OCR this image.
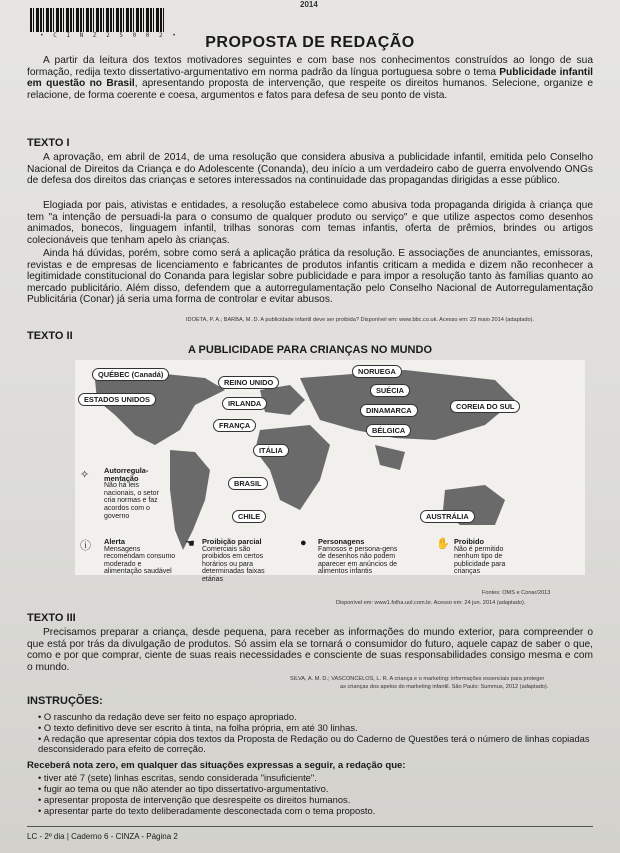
• C I N Z 2 5 0 0 2 •
2014
PROPOSTA DE REDAÇÃO
A partir da leitura dos textos motivadores seguintes e com base nos conhecimentos construídos ao longo de sua formação, redija texto dissertativo-argumentativo em norma padrão da língua portuguesa sobre o tema Publicidade infantil em questão no Brasil, apresentando proposta de intervenção, que respeite os direitos humanos. Selecione, organize e relacione, de forma coerente e coesa, argumentos e fatos para defesa de seu ponto de vista.
TEXTO I
A aprovação, em abril de 2014, de uma resolução que considera abusiva a publicidade infantil, emitida pelo Conselho Nacional de Direitos da Criança e do Adolescente (Conanda), deu início a um verdadeiro cabo de guerra envolvendo ONGs de defesa dos direitos das crianças e setores interessados na continuidade das propagandas dirigidas a esse público.
Elogiada por pais, ativistas e entidades, a resolução estabelece como abusiva toda propaganda dirigida à criança que tem "a intenção de persuadi-la para o consumo de qualquer produto ou serviço" e que utilize aspectos como desenhos animados, bonecos, linguagem infantil, trilhas sonoras com temas infantis, oferta de prêmios, brindes ou artigos colecionáveis que tenham apelo às crianças.
Ainda há dúvidas, porém, sobre como será a aplicação prática da resolução. E associações de anunciantes, emissoras, revistas e de empresas de licenciamento e fabricantes de produtos infantis criticam a medida e dizem não reconhecer a legitimidade constitucional do Conanda para legislar sobre publicidade e para impor a resolução tanto às famílias quanto ao mercado publicitário. Além disso, defendem que a autorregulamentação pelo Conselho Nacional de Autorregulamentação Publicitária (Conar) já seria uma forma de controlar e evitar abusos.
IDOETA, P. A.; BARBA, M. D. A publicidade infantil deve ser proibida? Disponível em: www.bbc.co.uk. Acesso em: 23 maio 2014 (adaptado).
TEXTO II
A PUBLICIDADE PARA CRIANÇAS NO MUNDO
QUÉBEC (Canadá)
ESTADOS UNIDOS
REINO UNIDO
IRLANDA
FRANÇA
ITÁLIA
NORUEGA
SUÉCIA
DINAMARCA
BÉLGICA
COREIA DO SUL
BRASIL
CHILE	AUSTRÁLIA
✧ Autorregula-mentação
Não há leis nacionais, o setor cria normas e faz acordos com o governo
ⓘ Alerta
Mensagens recomendam consumo moderado e alimentação saudável
☚ Proibição parcial
Comerciais são proibidos em certos horários ou para determinadas faixas etárias
● Personagens
Famosos e persona-gens de desenhos não podem aparecer em anúncios de alimentos infantis
✋ Proibido
Não é permitido nenhum tipo de publicidade para crianças
Fontes: OMS e Conar/2013
Disponível em: www1.folha.uol.com.br. Acesso em: 24 jun. 2014 (adaptado).
TEXTO III
Precisamos preparar a criança, desde pequena, para receber as informações do mundo exterior, para compreender o que está por trás da divulgação de produtos. Só assim ela se tornará o consumidor do futuro, aquele capaz de saber o que, como e por que comprar, ciente de suas reais necessidades e consciente de suas responsabilidades consigo mesma e com o mundo.
SILVA, A. M. D.; VASCONCELOS, L. R. A criança e o marketing: informações essenciais para proteger
as crianças dos apelos do marketing infantil. São Paulo: Summus, 2012 (adaptado).
INSTRUÇÕES:
• O rascunho da redação deve ser feito no espaço apropriado.
• O texto definitivo deve ser escrito à tinta, na folha própria, em até 30 linhas.
• A redação que apresentar cópia dos textos da Proposta de Redação ou do Caderno de Questões terá o número de linhas copiadas desconsiderado para efeito de correção.
Receberá nota zero, em qualquer das situações expressas a seguir, a redação que:
• tiver até 7 (sete) linhas escritas, sendo considerada "insuficiente".
• fugir ao tema ou que não atender ao tipo dissertativo-argumentativo.
• apresentar proposta de intervenção que desrespeite os direitos humanos.
• apresentar parte do texto deliberadamente desconectada com o tema proposto.
LC - 2º dia | Caderno 6 - CINZA - Página 2
